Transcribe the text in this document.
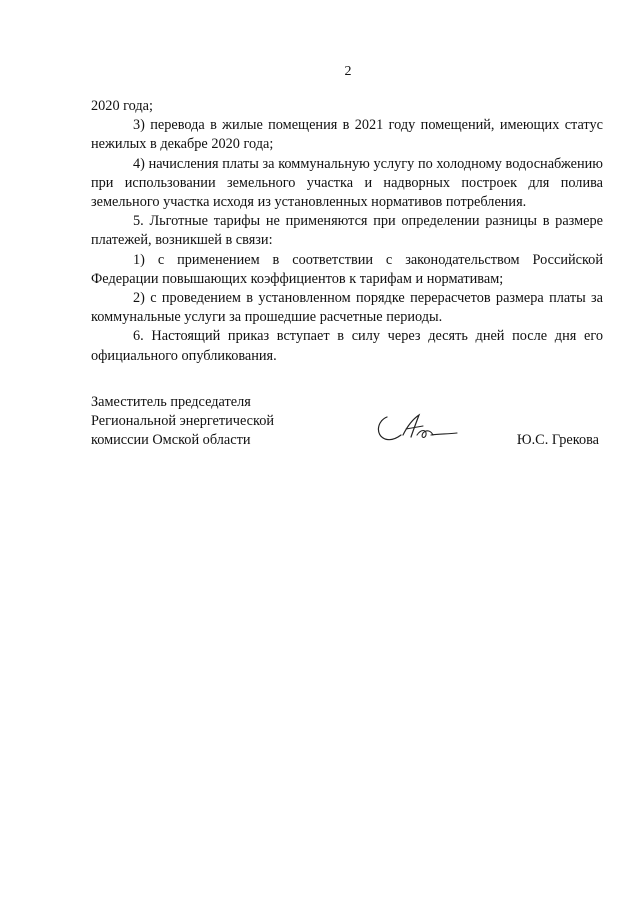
2

2020 года;

3) перевода в жилые помещения в 2021 году помещений, имеющих статус нежилых в декабре 2020 года;

4) начисления платы за коммунальную услугу по холодному водоснабжению при использовании земельного участка и надворных построек для полива земельного участка исходя из установленных нормативов потребления.

5. Льготные тарифы не применяются при определении разницы в размере платежей, возникшей в связи:

1) с применением в соответствии с законодательством Российской Федерации повышающих коэффициентов к тарифам и нормативам;

2) с проведением в установленном порядке перерасчетов размера платы за коммунальные услуги за прошедшие расчетные периоды.

6. Настоящий приказ вступает в силу через десять дней после дня его официального опубликования.

Заместитель председателя
Региональной энергетической
комиссии Омской области	Ю.С. Грекова
